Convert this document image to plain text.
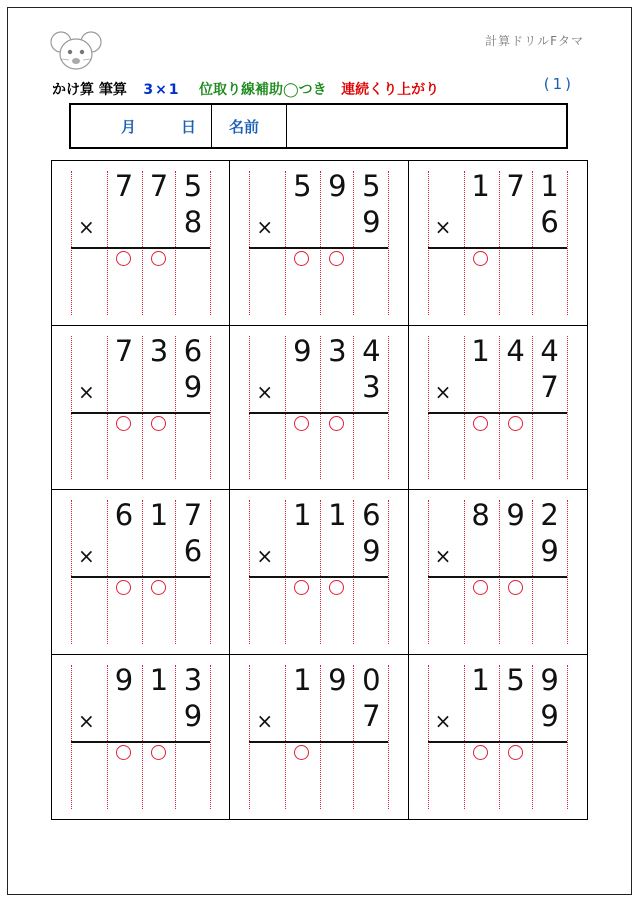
計算ドリルFタマ
かけ算 筆算 3×1 位取り線補助◯つき 連続くり上がり	(1)
月	日 名前
7 7 5
8
×
5 9 5
9
×
1 7 1
6
×
7 3 6
9
×
9 3 4
3
×
1 4 4
7
×
6 1 7
6
×
1 1 6
9
×
8 9 2
9
×
9 1 3
9
×
1 9 0
7
×
1 5 9
9
×
